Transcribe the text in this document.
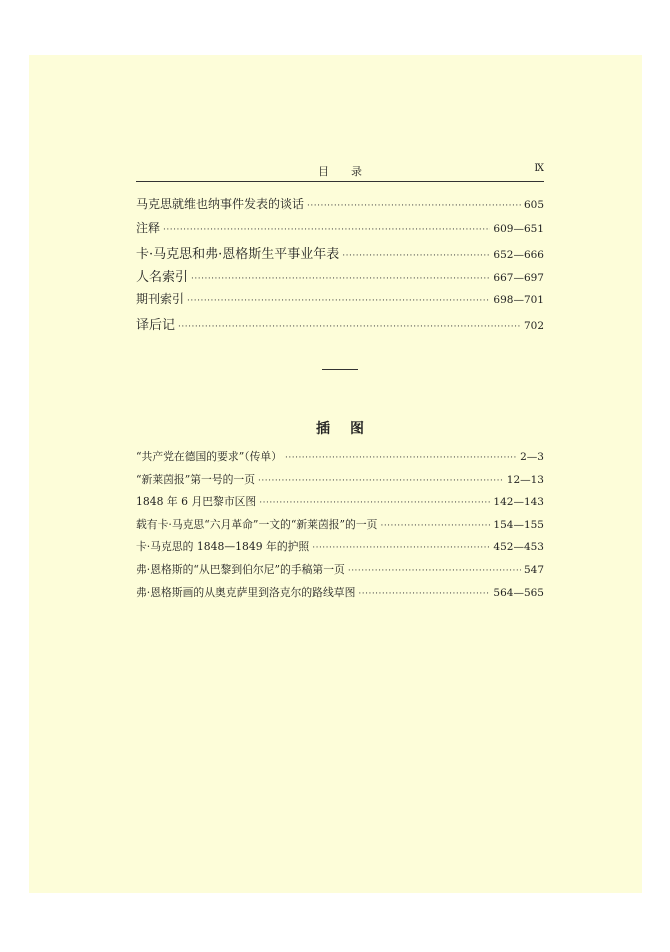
目录	Ⅸ
马克思就维也纳事件发表的谈话 ·····	605
注释 ·····	609—651
卡·马克思和弗·恩格斯生平事业年表 ·····	652—666
人名索引 ·····	667—697
期刊索引 ·····	698—701
译后记 ·····	702
插图
“共产党在德国的要求”（传单） ·····	2—3
“新莱茵报”第一号的一页 ·····	12—13
1848 年 6 月巴黎市区图 ·····	142—143
载有卡·马克思“六月革命”一文的“新莱茵报”的一页 ·····	154—155
卡·马克思的 1848—1849 年的护照 ·····	452—453
弗·恩格斯的“从巴黎到伯尔尼”的手稿第一页 ·····	547
弗·恩格斯画的从奥克萨里到洛克尔的路线草图 ·····	564—565
